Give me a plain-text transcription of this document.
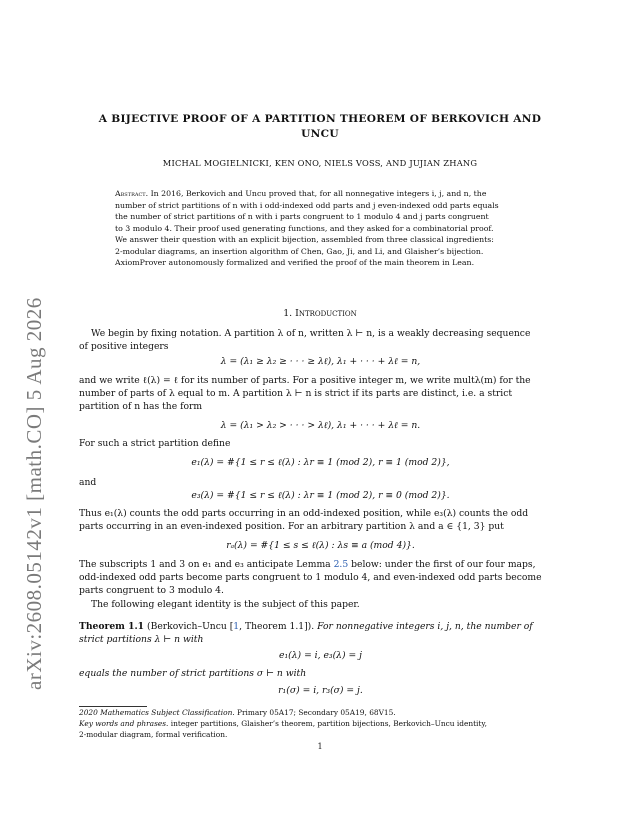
arXiv:2608.05142v1 [math.CO] 5 Aug 2026
A BIJECTIVE PROOF OF A PARTITION THEOREM OF BERKOVICH AND
UNCU
MICHAL MOGIELNICKI, KEN ONO, NIELS VOSS, AND JUJIAN ZHANG
Abstract. In 2016, Berkovich and Uncu proved that, for all nonnegative integers i, j, and n, the
number of strict partitions of n with i odd-indexed odd parts and j even-indexed odd parts equals
the number of strict partitions of n with i parts congruent to 1 modulo 4 and j parts congruent
to 3 modulo 4. Their proof used generating functions, and they asked for a combinatorial proof.
We answer their question with an explicit bijection, assembled from three classical ingredients:
2-modular diagrams, an insertion algorithm of Chen, Gao, Ji, and Li, and Glaisher’s bijection.
AxiomProver autonomously formalized and verified the proof of the main theorem in Lean.
1. Introduction
We begin by fixing notation. A partition λ of n, written λ ⊢ n, is a weakly decreasing sequence
of positive integers
λ = (λ₁ ≥ λ₂ ≥ · · · ≥ λℓ), λ₁ + · · · + λℓ = n,
and we write ℓ(λ) = ℓ for its number of parts. For a positive integer m, we write multλ(m) for the
number of parts of λ equal to m. A partition λ ⊢ n is strict if its parts are distinct, i.e. a strict
partition of n has the form
λ = (λ₁ > λ₂ > · · · > λℓ), λ₁ + · · · + λℓ = n.
For such a strict partition define
e₁(λ) = #{1 ≤ r ≤ ℓ(λ) : λr ≡ 1 (mod 2), r ≡ 1 (mod 2)},
and
e₃(λ) = #{1 ≤ r ≤ ℓ(λ) : λr ≡ 1 (mod 2), r ≡ 0 (mod 2)}.
Thus e₁(λ) counts the odd parts occurring in an odd-indexed position, while e₃(λ) counts the odd
parts occurring in an even-indexed position. For an arbitrary partition λ and a ∈ {1, 3} put
rₐ(λ) = #{1 ≤ s ≤ ℓ(λ) : λs ≡ a (mod 4)}.
The subscripts 1 and 3 on e₁ and e₃ anticipate Lemma 2.5 below: under the first of our four maps,
odd-indexed odd parts become parts congruent to 1 modulo 4, and even-indexed odd parts become
parts congruent to 3 modulo 4.
The following elegant identity is the subject of this paper.
Theorem 1.1 (Berkovich–Uncu [1, Theorem 1.1]). For nonnegative integers i, j, n, the number of
strict partitions λ ⊢ n with
e₁(λ) = i, e₃(λ) = j
equals the number of strict partitions σ ⊢ n with
r₁(σ) = i, r₃(σ) = j.
2020 Mathematics Subject Classification. Primary 05A17; Secondary 05A19, 68V15.
Key words and phrases. integer partitions, Glaisher’s theorem, partition bijections, Berkovich–Uncu identity,
2-modular diagram, formal verification.
1
